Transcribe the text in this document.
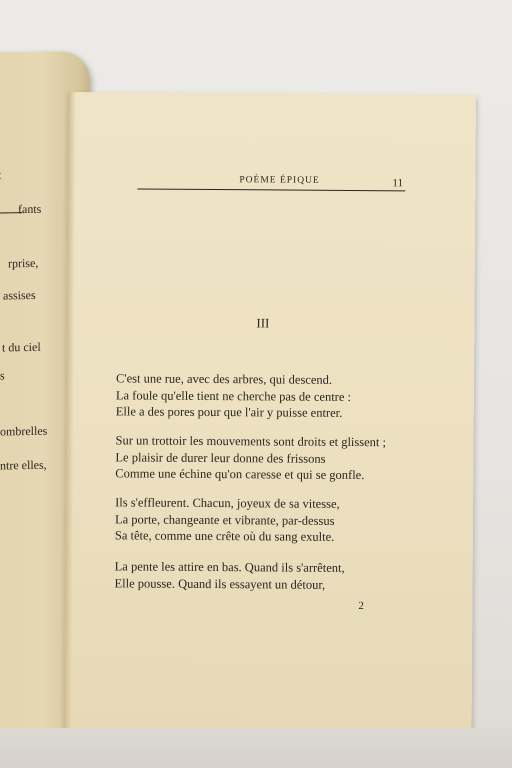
fants
rprise,
assises
t du ciel
s
ombrelles
ntre elles,
POÈME ÉPIQUE	11
III
C'est une rue, avec des arbres, qui descend.
La foule qu'elle tient ne cherche pas de centre :
Elle a des pores pour que l'air y puisse entrer.
Sur un trottoir les mouvements sont droits et glissent ;
Le plaisir de durer leur donne des frissons
Comme une échine qu'on caresse et qui se gonfle.
Ils s'effleurent. Chacun, joyeux de sa vitesse,
La porte, changeante et vibrante, par-dessus
Sa tête, comme une crête où du sang exulte.
La pente les attire en bas. Quand ils s'arrêtent,
Elle pousse. Quand ils essayent un détour,
2
